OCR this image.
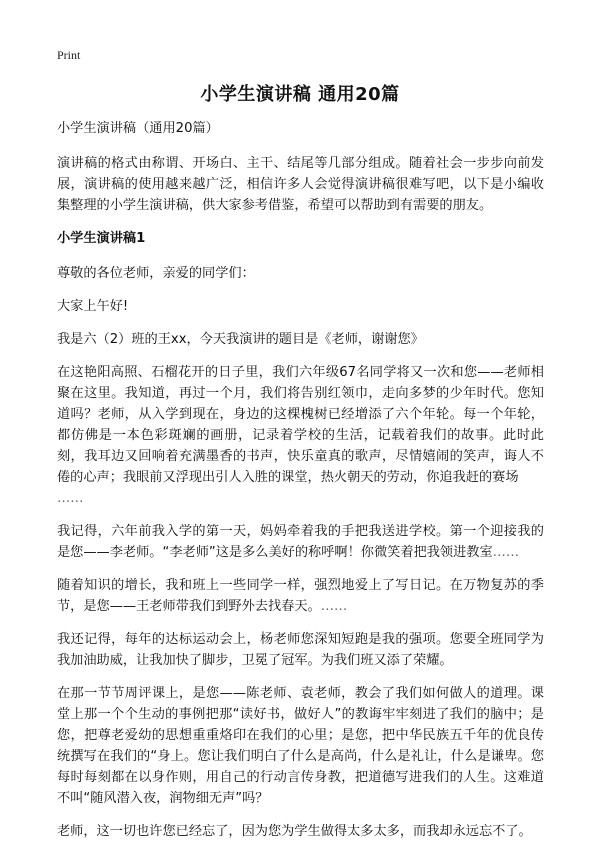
Print
小学生演讲稿 通用20篇

小学生演讲稿（通用20篇）

演讲稿的格式由称谓、开场白、主干、结尾等几部分组成。随着社会一步步向前发展，演讲稿的使用越来越广泛，相信许多人会觉得演讲稿很难写吧，以下是小编收集整理的小学生演讲稿，供大家参考借鉴，希望可以帮助到有需要的朋友。

小学生演讲稿1

尊敬的各位老师，亲爱的同学们：

大家上午好!

我是六（2）班的王xx，今天我演讲的题目是《老师，谢谢您》

在这艳阳高照、石榴花开的日子里，我们六年级67名同学将又一次和您——老师相聚在这里。我知道，再过一个月，我们将告别红领巾，走向多梦的少年时代。您知道吗？老师，从入学到现在，身边的这棵槐树已经增添了六个年轮。每一个年轮，都仿佛是一本色彩斑斓的画册，记录着学校的生活，记载着我们的故事。此时此刻，我耳边又回响着充满墨香的书声，快乐童真的歌声，尽情嬉闹的笑声，诲人不倦的心声；我眼前又浮现出引人入胜的课堂，热火朝天的劳动，你追我赶的赛场
……

我记得，六年前我入学的第一天，妈妈牵着我的手把我送进学校。第一个迎接我的是您——李老师。“李老师”这是多么美好的称呼啊！你微笑着把我领进教室……

随着知识的增长，我和班上一些同学一样，强烈地爱上了写日记。在万物复苏的季节，是您——王老师带我们到野外去找春天。……

我还记得，每年的达标运动会上，杨老师您深知短跑是我的强项。您要全班同学为我加油助威，让我加快了脚步，卫冕了冠军。为我们班又添了荣耀。

在那一节节周评课上，是您——陈老师、袁老师，教会了我们如何做人的道理。课堂上那一个个生动的事例把那“读好书，做好人”的教诲牢牢刻进了我们的脑中；是您，把尊老爱幼的思想重重烙印在我们的心里；是您，把中华民族五千年的优良传统撰写在我们的“身上。您让我们明白了什么是高尚，什么是礼让，什么是谦卑。您每时每刻都在以身作则，用自己的行动言传身教，把道德写进我们的人生。这难道不叫“随风潜入夜，润物细无声”吗？

老师，这一切也许您已经忘了，因为您为学生做得太多太多，而我却永远忘不了。
